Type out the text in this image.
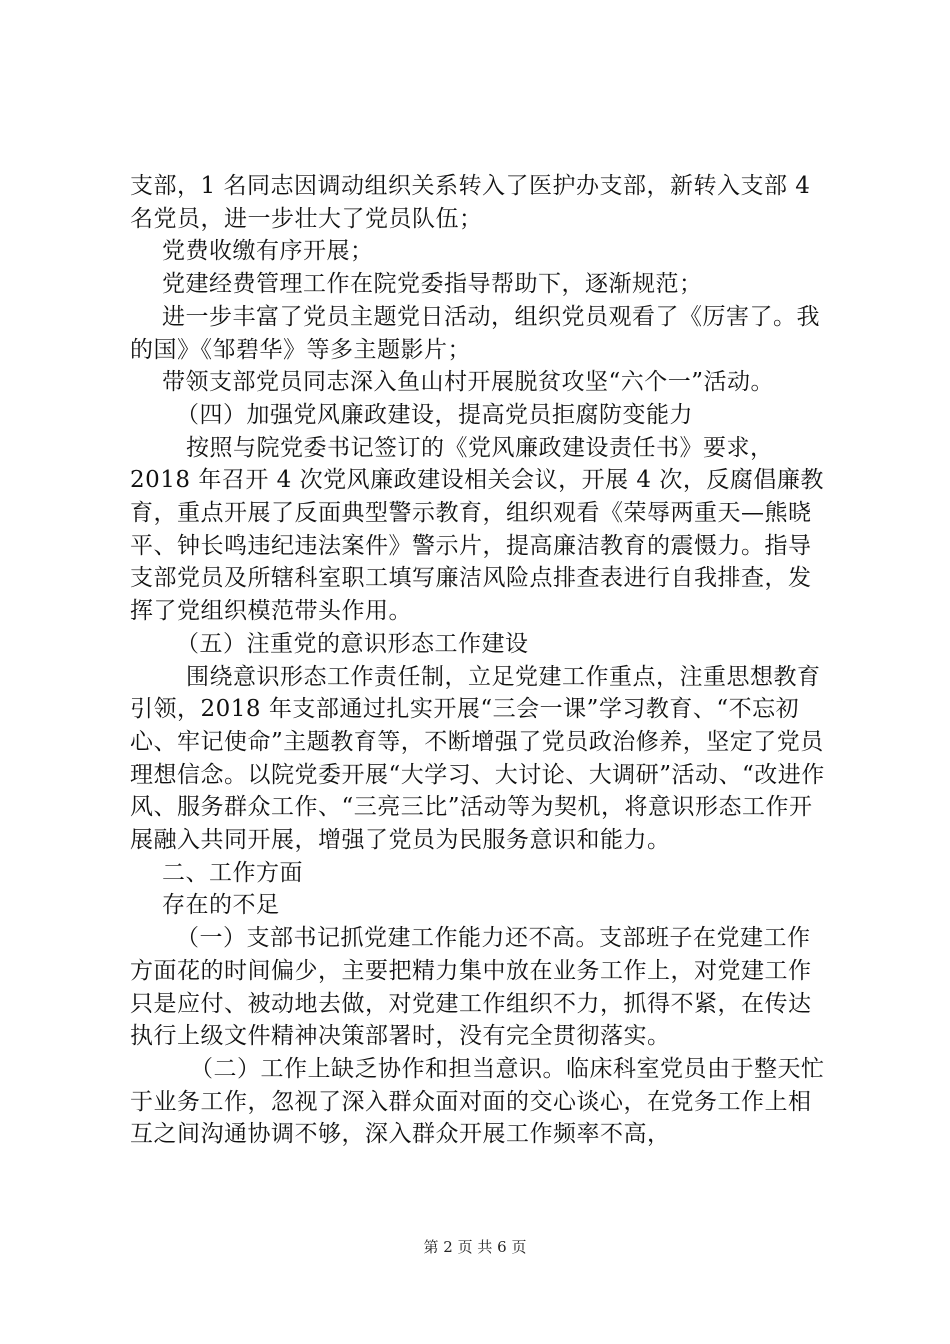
支部，1 名同志因调动组织关系转入了医护办支部，新转入支部 4 名党员，进一步壮大了党员队伍；

党费收缴有序开展；

党建经费管理工作在院党委指导帮助下，逐渐规范；

进一步丰富了党员主题党日活动，组织党员观看了《厉害了。我的国》《邹碧华》等多主题影片；

带领支部党员同志深入鱼山村开展脱贫攻坚“六个一”活动。

（四）加强党风廉政建设，提高党员拒腐防变能力

按照与院党委书记签订的《党风廉政建设责任书》要求，2018 年召开 4 次党风廉政建设相关会议，开展 4 次，反腐倡廉教育，重点开展了反面典型警示教育，组织观看《荣辱两重天—熊晓平、钟长鸣违纪违法案件》警示片，提高廉洁教育的震慑力。指导支部党员及所辖科室职工填写廉洁风险点排查表进行自我排查，发挥了党组织模范带头作用。

（五）注重党的意识形态工作建设

围绕意识形态工作责任制，立足党建工作重点，注重思想教育引领，2018 年支部通过扎实开展“三会一课”学习教育、“不忘初心、牢记使命”主题教育等，不断增强了党员政治修养，坚定了党员理想信念。以院党委开展“大学习、大讨论、大调研”活动、“改进作风、服务群众工作、“三亮三比”活动等为契机，将意识形态工作开展融入共同开展，增强了党员为民服务意识和能力。

二、工作方面

存在的不足

（一）支部书记抓党建工作能力还不高。支部班子在党建工作方面花的时间偏少，主要把精力集中放在业务工作上，对党建工作只是应付、被动地去做，对党建工作组织不力，抓得不紧，在传达执行上级文件精神决策部署时，没有完全贯彻落实。

（二）工作上缺乏协作和担当意识。临床科室党员由于整天忙于业务工作，忽视了深入群众面对面的交心谈心，在党务工作上相互之间沟通协调不够，深入群众开展工作频率不高，

第 2 页 共 6 页
